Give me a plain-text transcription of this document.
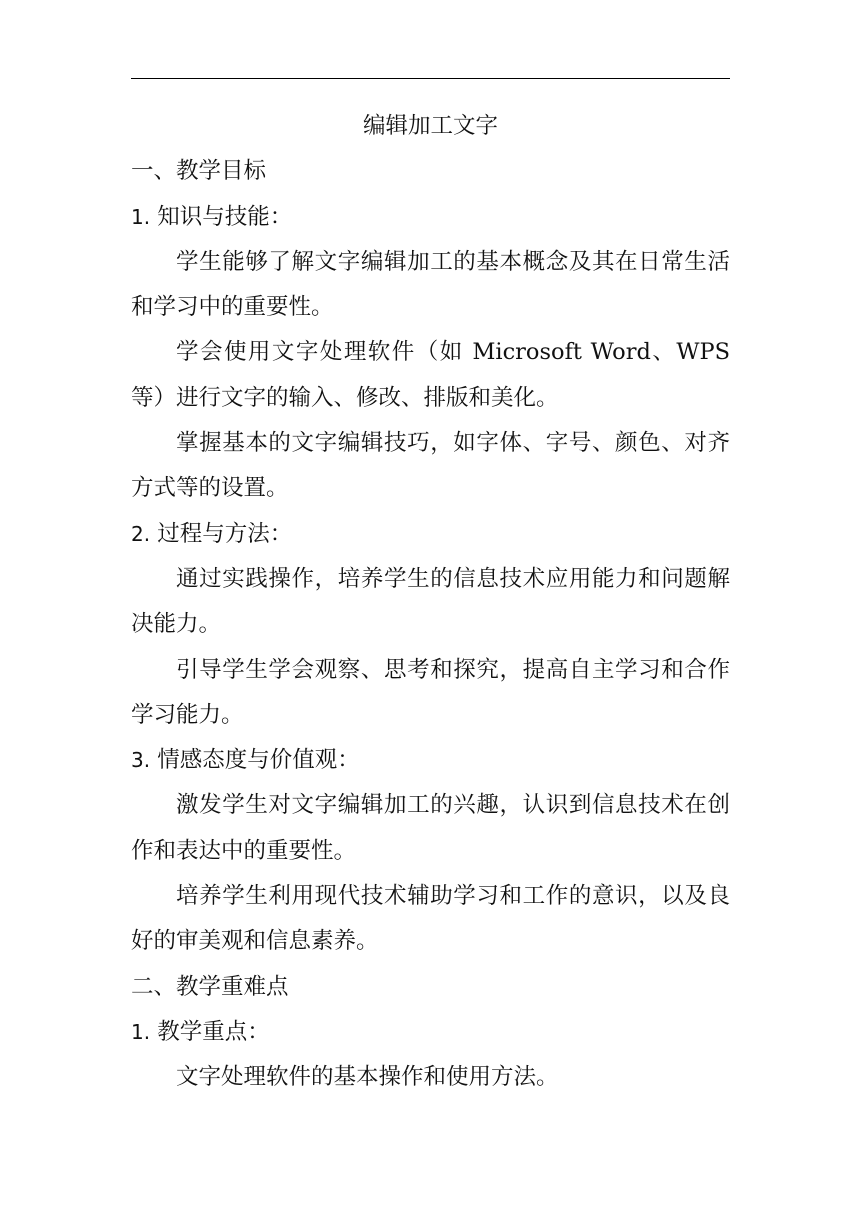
编辑加工文字

一、教学目标

1. 知识与技能：

学生能够了解文字编辑加工的基本概念及其在日常生活和学习中的重要性。

学会使用文字处理软件（如 Microsoft Word、WPS 等）进行文字的输入、修改、排版和美化。

掌握基本的文字编辑技巧，如字体、字号、颜色、对齐方式等的设置。

2. 过程与方法：

通过实践操作，培养学生的信息技术应用能力和问题解决能力。

引导学生学会观察、思考和探究，提高自主学习和合作学习能力。

3. 情感态度与价值观：

激发学生对文字编辑加工的兴趣，认识到信息技术在创作和表达中的重要性。

培养学生利用现代技术辅助学习和工作的意识，以及良好的审美观和信息素养。

二、教学重难点

1. 教学重点：

文字处理软件的基本操作和使用方法。
